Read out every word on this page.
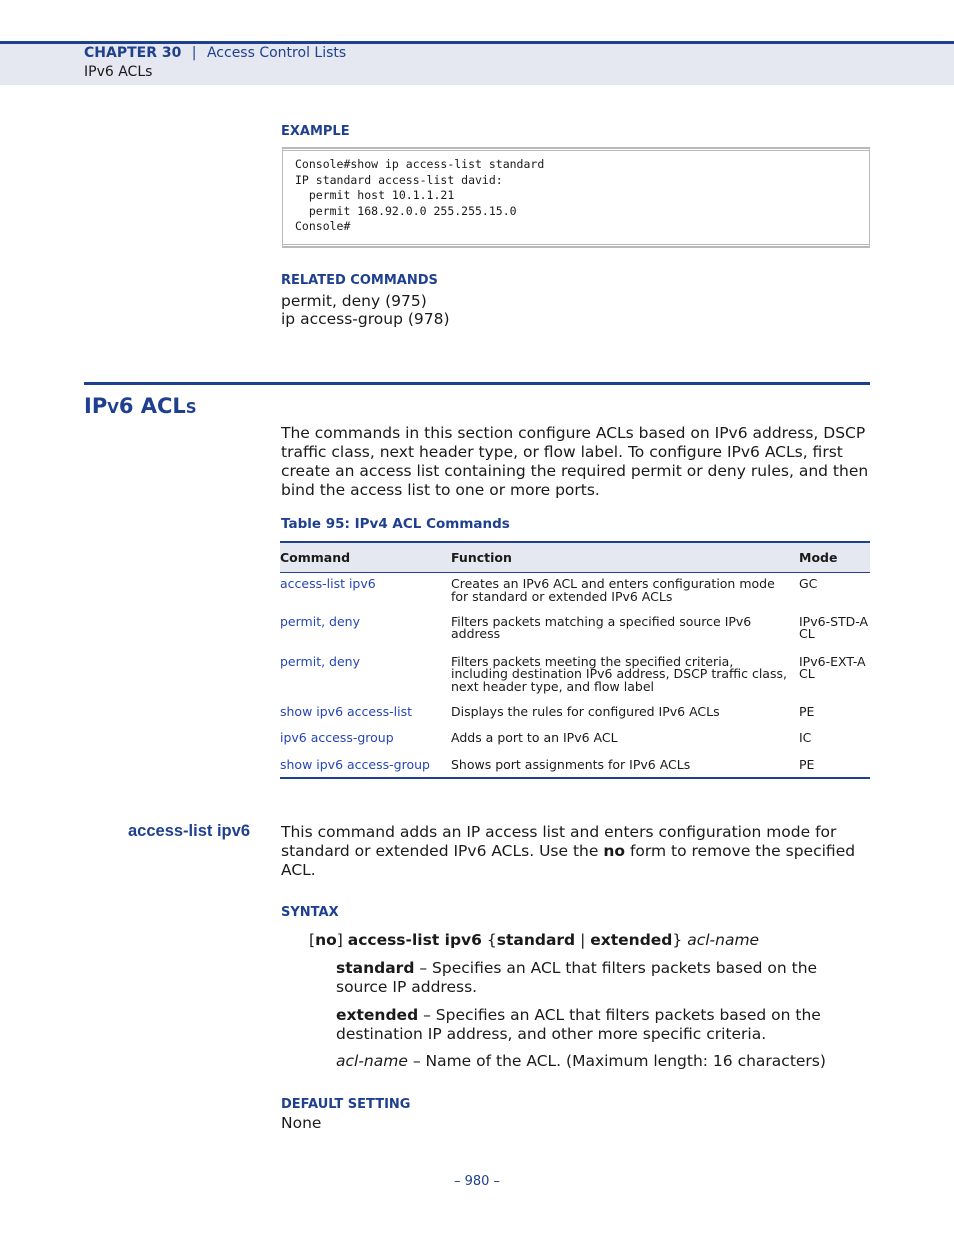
CHAPTER 30 | Access Control Lists
IPv6 ACLs
EXAMPLE
Console#show ip access-list standard
IP standard access-list david:
permit host 10.1.1.21
permit 168.92.0.0 255.255.15.0
Console#
RELATED COMMANDS
permit, deny (975)
ip access-group (978)
IPV6 ACLS
The commands in this section configure ACLs based on IPv6 address, DSCP traffic class, next header type, or flow label. To configure IPv6 ACLs, first create an access list containing the required permit or deny rules, and then bind the access list to one or more ports.
Table 95: IPv4 ACL Commands
Command	Function	Mode
access-list ipv6	Creates an IPv6 ACL and enters configuration mode for standard or extended IPv6 ACLs	GC
permit, deny	Filters packets matching a specified source IPv6 address	IPv6-STD-ACL
permit, deny	Filters packets meeting the specified criteria, including destination IPv6 address, DSCP traffic class, next header type, and flow label	IPv6-EXT-ACL
show ipv6 access-list	Displays the rules for configured IPv6 ACLs	PE
ipv6 access-group	Adds a port to an IPv6 ACL	IC
show ipv6 access-group	Shows port assignments for IPv6 ACLs	PE
access-list ipv6 This command adds an IP access list and enters configuration mode for standard or extended IPv6 ACLs. Use the no form to remove the specified ACL.
SYNTAX
[no] access-list ipv6 {standard | extended} acl-name
standard – Specifies an ACL that filters packets based on the source IP address.
extended – Specifies an ACL that filters packets based on the destination IP address, and other more specific criteria.
acl-name – Name of the ACL. (Maximum length: 16 characters)
DEFAULT SETTING
None
– 980 –
